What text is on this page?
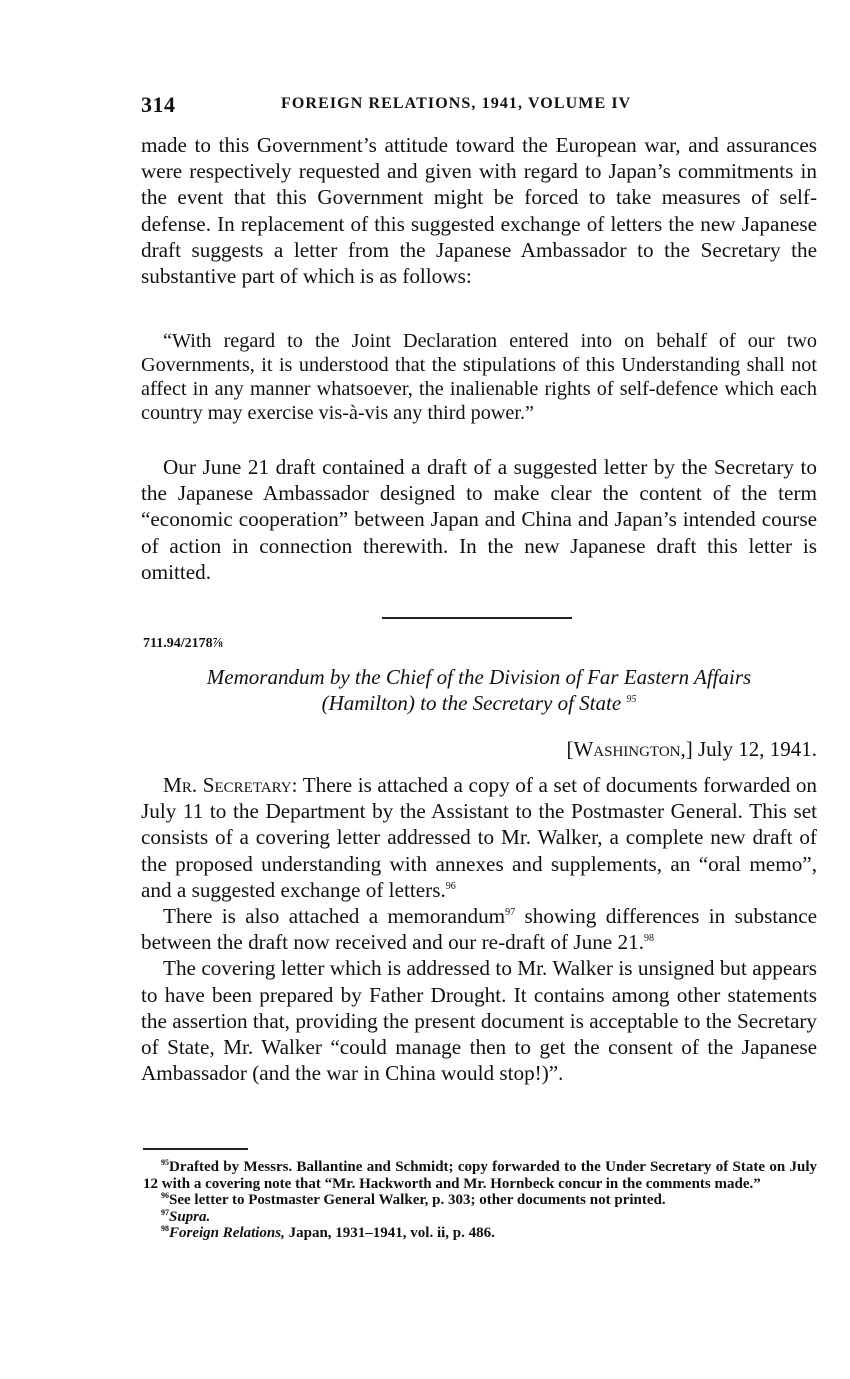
314	FOREIGN RELATIONS, 1941, VOLUME IV

made to this Government’s attitude toward the European war, and assurances were respectively requested and given with regard to Japan’s commitments in the event that this Government might be forced to take measures of self-defense. In replacement of this suggested exchange of letters the new Japanese draft suggests a letter from the Japanese Ambassador to the Secretary the substantive part of which is as follows:

“With regard to the Joint Declaration entered into on behalf of our two Governments, it is understood that the stipulations of this Understanding shall not affect in any manner whatsoever, the inalienable rights of self-defence which each country may exercise vis-à-vis any third power.”

Our June 21 draft contained a draft of a suggested letter by the Secretary to the Japanese Ambassador designed to make clear the content of the term “economic cooperation” between Japan and China and Japan’s intended course of action in connection therewith. In the new Japanese draft this letter is omitted.

711.94/2178⅞
Memorandum by the Chief of the Division of Far Eastern Affairs
(Hamilton) to the Secretary of State $^{95}$
[Washington,] July 12, 1941.

Mr. Secretary: There is attached a copy of a set of documents forwarded on July 11 to the Department by the Assistant to the Postmaster General. This set consists of a covering letter addressed to Mr. Walker, a complete new draft of the proposed understanding with annexes and supplements, an “oral memo”, and a suggested exchange of letters.$^{96}$

There is also attached a memorandum$^{97}$ showing differences in substance between the draft now received and our re-draft of June 21.98

The covering letter which is addressed to Mr. Walker is unsigned but appears to have been prepared by Father Drought. It contains among other statements the assertion that, providing the present document is acceptable to the Secretary of State, Mr. Walker “could manage then to get the consent of the Japanese Ambassador (and the war in China would stop!)”.

$^{95}$Drafted by Messrs. Ballantine and Schmidt; copy forwarded to the Under Secretary of State on July 12 with a covering note that “Mr. Hackworth and Mr. Hornbeck concur in the comments made.”

$^{96}$See letter to Postmaster General Walker, p. 303; other documents not printed.

$^{97}$Supra.

$^{98}$Foreign Relations, Japan, 1931–1941, vol. ii, p. 486.
